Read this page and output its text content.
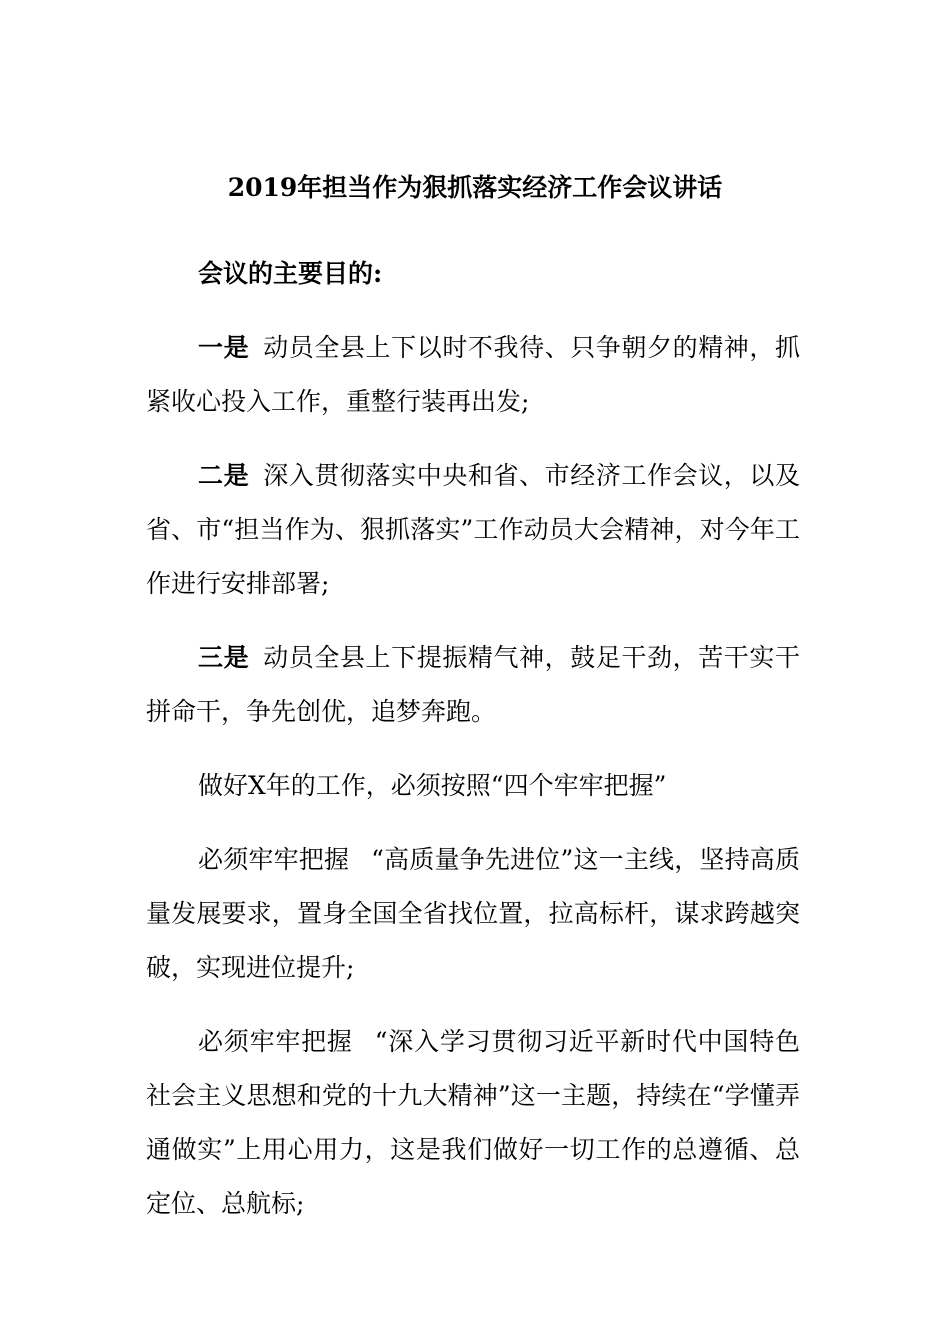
2019年担当作为狠抓落实经济工作会议讲话

会议的主要目的:

一是 动员全县上下以时不我待、只争朝夕的精神，抓紧收心投入工作，重整行装再出发;

二是 深入贯彻落实中央和省、市经济工作会议，以及省、市“担当作为、狠抓落实”工作动员大会精神，对今年工作进行安排部署;

三是 动员全县上下提振精气神，鼓足干劲，苦干实干拼命干，争先创优，追梦奔跑。

做好X年的工作，必须按照“四个牢牢把握”

必须牢牢把握 “高质量争先进位”这一主线，坚持高质量发展要求，置身全国全省找位置，拉高标杆，谋求跨越突破，实现进位提升;

必须牢牢把握 “深入学习贯彻习近平新时代中国特色社会主义思想和党的十九大精神”这一主题，持续在“学懂弄通做实”上用心用力，这是我们做好一切工作的总遵循、总定位、总航标;
